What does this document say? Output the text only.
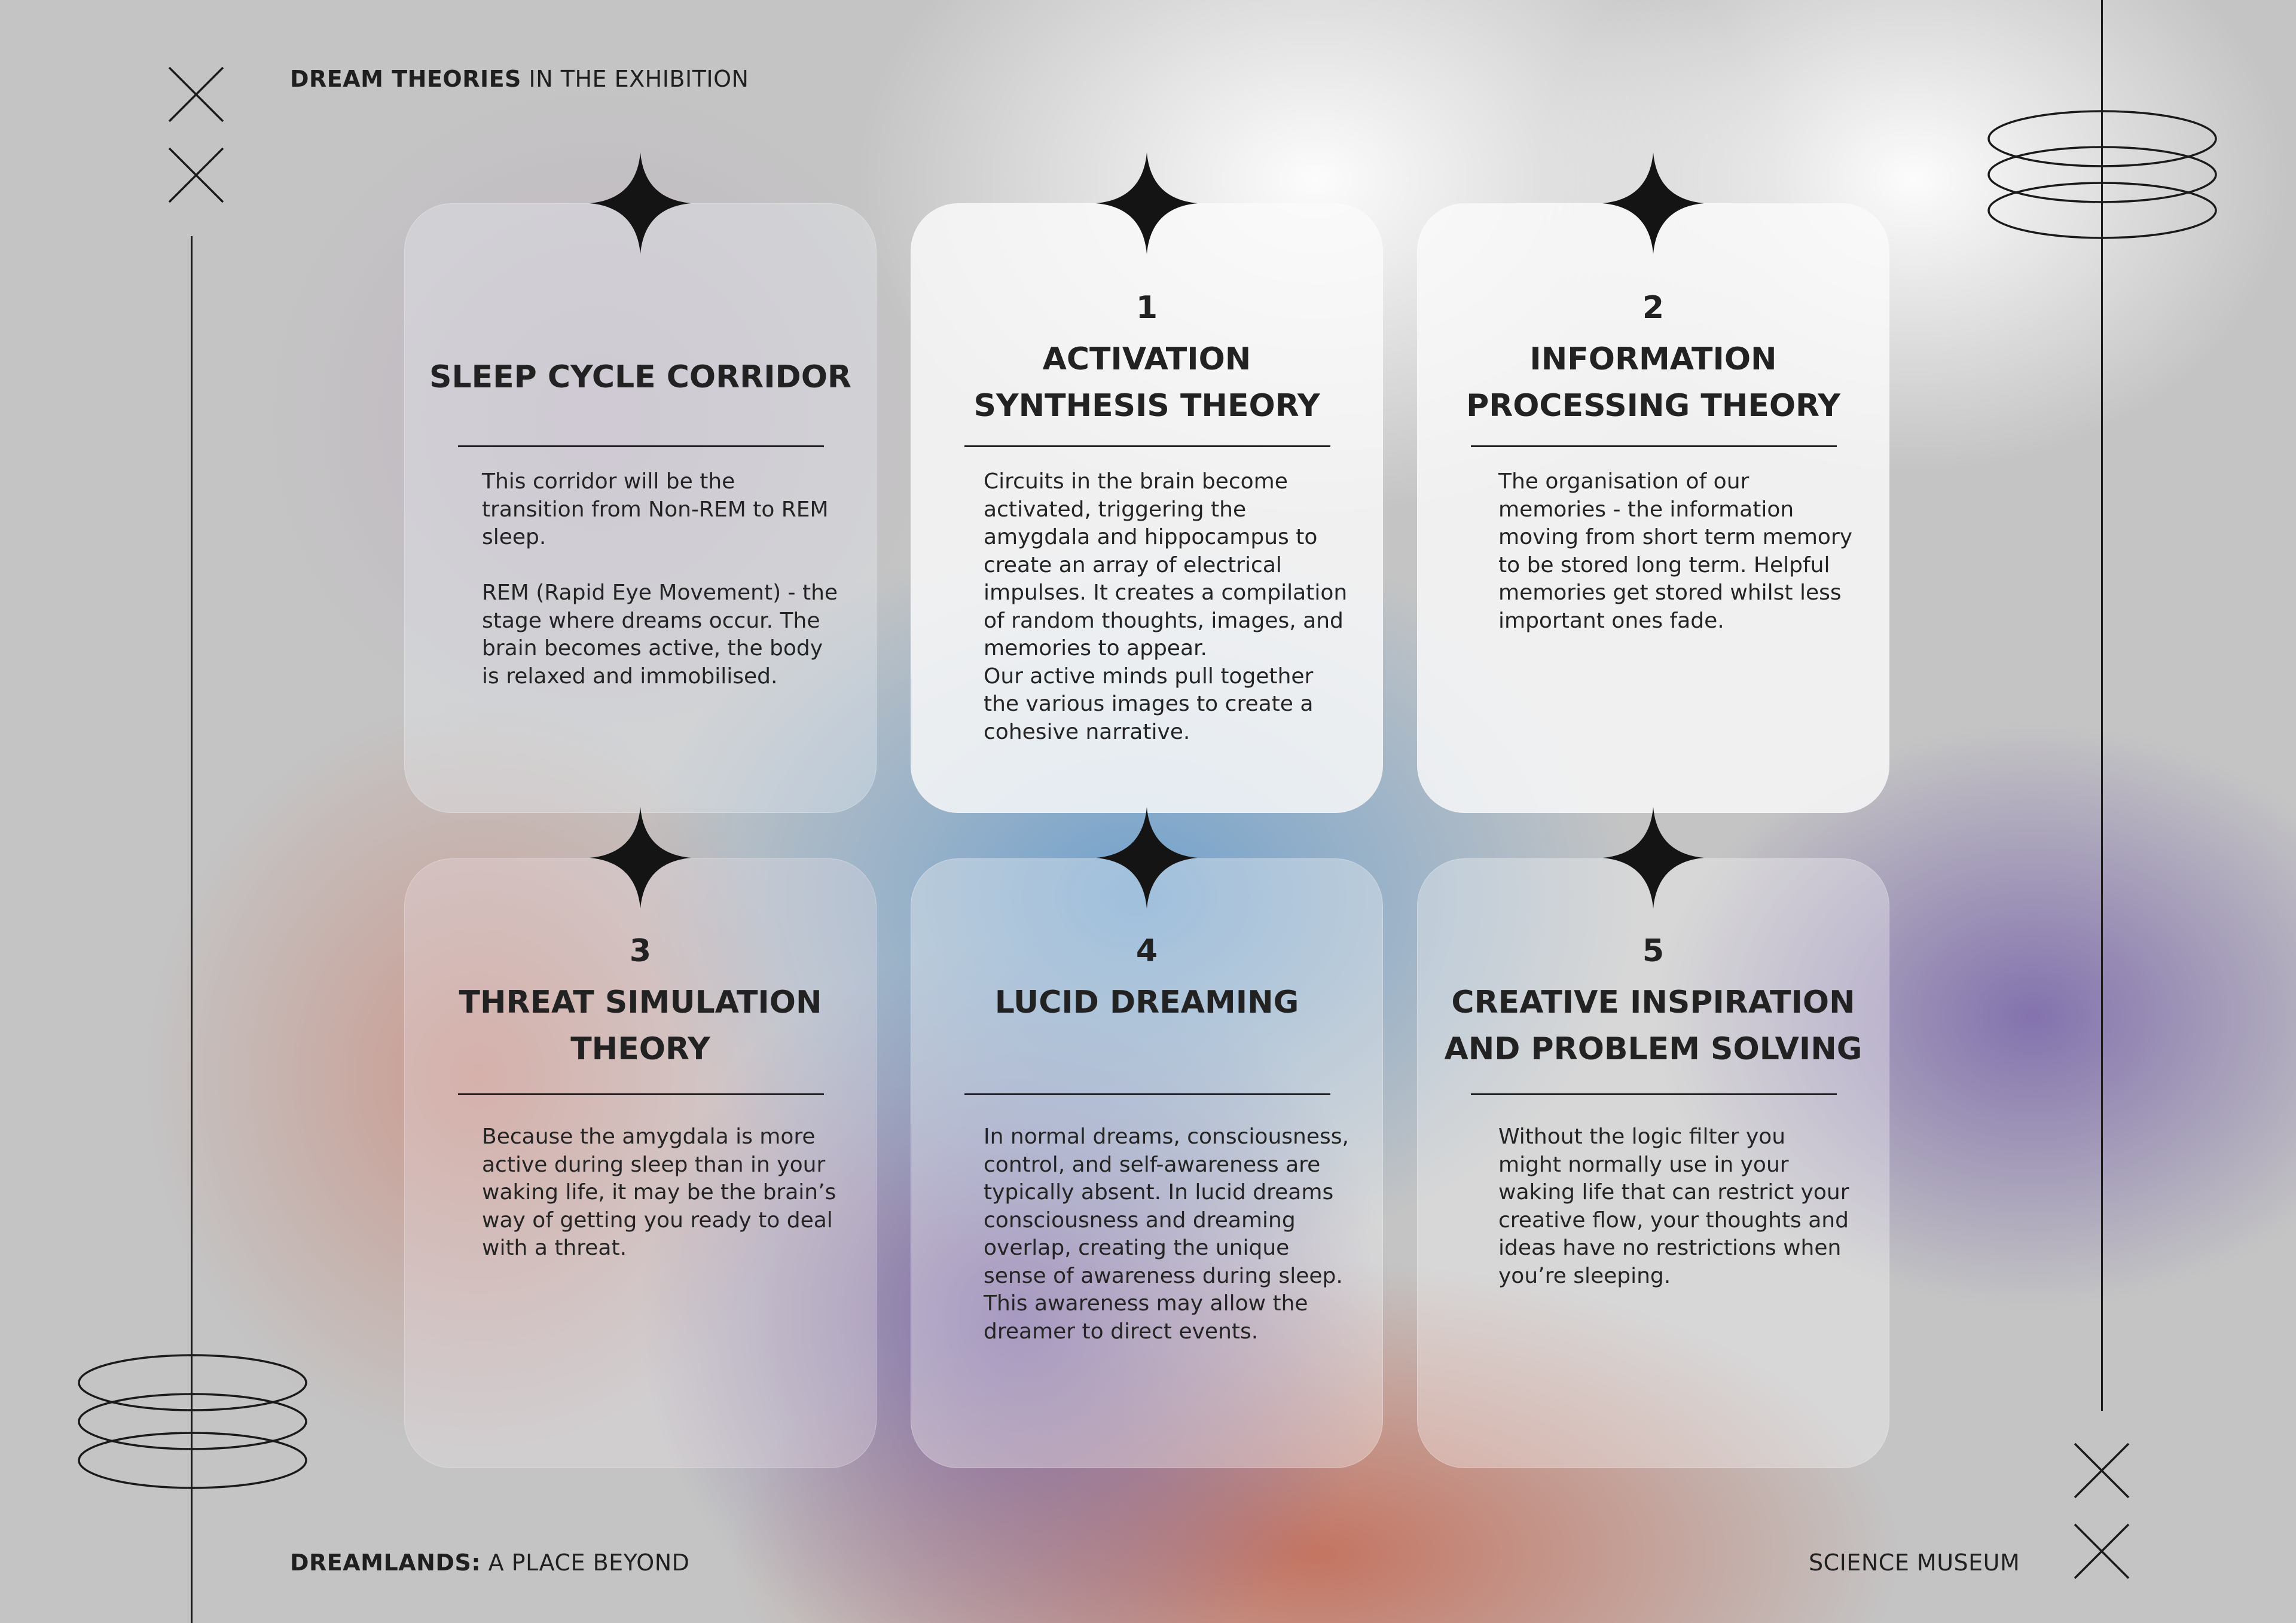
DREAM THEORIES IN THE EXHIBITION
DREAMLANDS: A PLACE BEYOND	SCIENCE MUSEUM
SLEEP CYCLE CORRIDOR
This corridor will be the
transition from Non-REM to REM
sleep.

REM (Rapid Eye Movement) - the
stage where dreams occur. The
brain becomes active, the body
is relaxed and immobilised.
1
ACTIVATION
SYNTHESIS THEORY
Circuits in the brain become
activated, triggering the
amygdala and hippocampus to
create an array of electrical
impulses. It creates a compilation
of random thoughts, images, and
memories to appear.
Our active minds pull together
the various images to create a
cohesive narrative.
2
INFORMATION
PROCESSING THEORY
The organisation of our
memories - the information
moving from short term memory
to be stored long term. Helpful
memories get stored whilst less
important ones fade.
3
THREAT SIMULATION
THEORY
Because the amygdala is more
active during sleep than in your
waking life, it may be the brain’s
way of getting you ready to deal
with a threat.
4
LUCID DREAMING
In normal dreams, consciousness,
control, and self-awareness are
typically absent. In lucid dreams
consciousness and dreaming
overlap, creating the unique
sense of awareness during sleep.
This awareness may allow the
dreamer to direct events.
5
CREATIVE INSPIRATION
AND PROBLEM SOLVING
Without the logic filter you
might normally use in your
waking life that can restrict your
creative flow, your thoughts and
ideas have no restrictions when
you’re sleeping.
